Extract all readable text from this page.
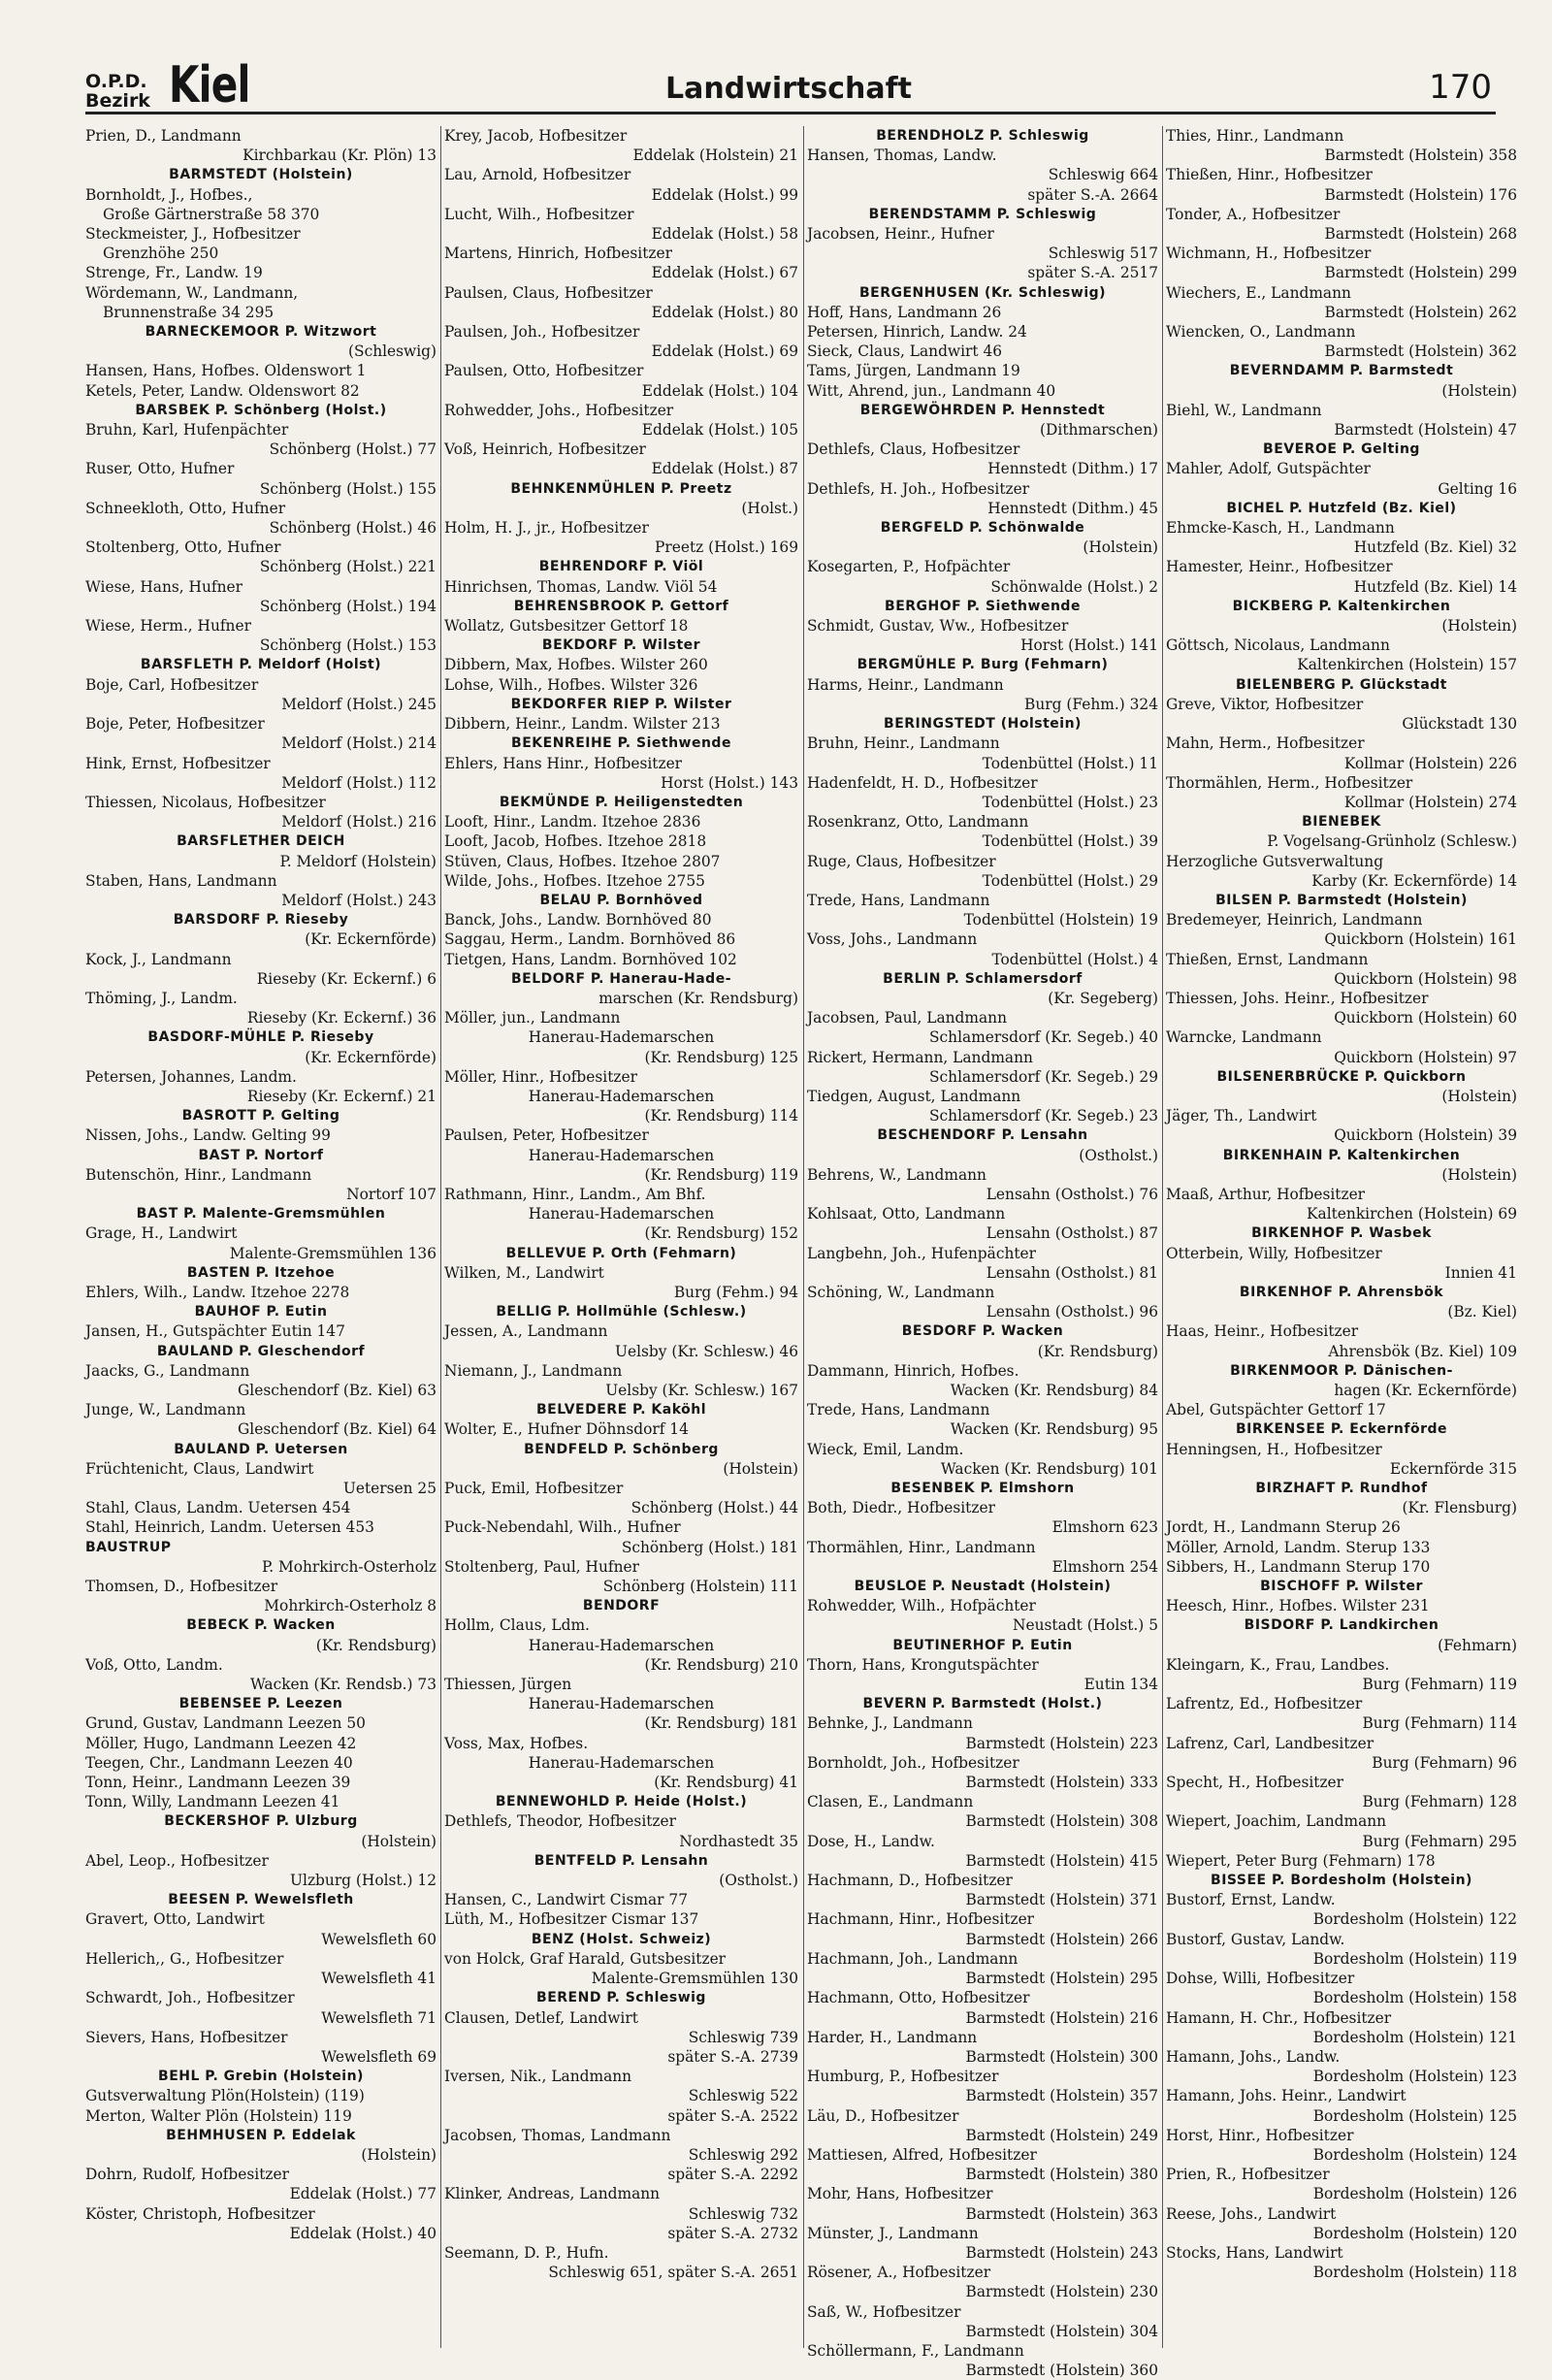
O.P.D.
Bezirk Kiel	Landwirtschaft	170
Prien, D., Landmann
Kirchbarkau (Kr. Plön) 13
BARMSTEDT (Holstein)
Bornholdt, J., Hofbes.,
Große Gärtnerstraße 58 370
Steckmeister, J., Hofbesitzer
Grenzhöhe 250
Strenge, Fr., Landw. 19
Wördemann, W., Landmann,
Brunnenstraße 34 295
BARNECKEMOOR P. Witzwort
(Schleswig)
Hansen, Hans, Hofbes. Oldenswort 1
Ketels, Peter, Landw. Oldenswort 82
BARSBEK P. Schönberg (Holst.)
Bruhn, Karl, Hufenpächter
Schönberg (Holst.) 77
Ruser, Otto, Hufner
Schönberg (Holst.) 155
Schneekloth, Otto, Hufner
Schönberg (Holst.) 46
Stoltenberg, Otto, Hufner
Schönberg (Holst.) 221
Wiese, Hans, Hufner
Schönberg (Holst.) 194
Wiese, Herm., Hufner
Schönberg (Holst.) 153
BARSFLETH P. Meldorf (Holst)
Boje, Carl, Hofbesitzer
Meldorf (Holst.) 245
Boje, Peter, Hofbesitzer
Meldorf (Holst.) 214
Hink, Ernst, Hofbesitzer
Meldorf (Holst.) 112
Thiessen, Nicolaus, Hofbesitzer
Meldorf (Holst.) 216
BARSFLETHER DEICH
P. Meldorf (Holstein)
Staben, Hans, Landmann
Meldorf (Holst.) 243
BARSDORF P. Rieseby
(Kr. Eckernförde)
Kock, J., Landmann
Rieseby (Kr. Eckernf.) 6
Thöming, J., Landm.
Rieseby (Kr. Eckernf.) 36
BASDORF-MÜHLE P. Rieseby
(Kr. Eckernförde)
Petersen, Johannes, Landm.
Rieseby (Kr. Eckernf.) 21
BASROTT P. Gelting
Nissen, Johs., Landw. Gelting 99
BAST P. Nortorf
Butenschön, Hinr., Landmann
Nortorf 107
BAST P. Malente-Gremsmühlen
Grage, H., Landwirt
Malente-Gremsmühlen 136
BASTEN P. Itzehoe
Ehlers, Wilh., Landw. Itzehoe 2278
BAUHOF P. Eutin
Jansen, H., Gutspächter Eutin 147
BAULAND P. Gleschendorf
Jaacks, G., Landmann
Gleschendorf (Bz. Kiel) 63
Junge, W., Landmann
Gleschendorf (Bz. Kiel) 64
BAULAND P. Uetersen
Früchtenicht, Claus, Landwirt
Uetersen 25
Stahl, Claus, Landm. Uetersen 454
Stahl, Heinrich, Landm. Uetersen 453
BAUSTRUP
P. Mohrkirch-Osterholz
Thomsen, D., Hofbesitzer
Mohrkirch-Osterholz 8
BEBECK P. Wacken
(Kr. Rendsburg)
Voß, Otto, Landm.
Wacken (Kr. Rendsb.) 73
BEBENSEE P. Leezen
Grund, Gustav, Landmann Leezen 50
Möller, Hugo, Landmann Leezen 42
Teegen, Chr., Landmann Leezen 40
Tonn, Heinr., Landmann Leezen 39
Tonn, Willy, Landmann Leezen 41
BECKERSHOF P. Ulzburg
(Holstein)
Abel, Leop., Hofbesitzer
Ulzburg (Holst.) 12
BEESEN P. Wewelsfleth
Gravert, Otto, Landwirt
Wewelsfleth 60
Hellerich,, G., Hofbesitzer
Wewelsfleth 41
Schwardt, Joh., Hofbesitzer
Wewelsfleth 71
Sievers, Hans, Hofbesitzer
Wewelsfleth 69
BEHL P. Grebin (Holstein)
Gutsverwaltung Plön(Holstein) (119)
Merton, Walter Plön (Holstein) 119
BEHMHUSEN P. Eddelak
(Holstein)
Dohrn, Rudolf, Hofbesitzer
Eddelak (Holst.) 77
Köster, Christoph, Hofbesitzer
Eddelak (Holst.) 40
Krey, Jacob, Hofbesitzer
Eddelak (Holstein) 21
Lau, Arnold, Hofbesitzer
Eddelak (Holst.) 99
Lucht, Wilh., Hofbesitzer
Eddelak (Holst.) 58
Martens, Hinrich, Hofbesitzer
Eddelak (Holst.) 67
Paulsen, Claus, Hofbesitzer
Eddelak (Holst.) 80
Paulsen, Joh., Hofbesitzer
Eddelak (Holst.) 69
Paulsen, Otto, Hofbesitzer
Eddelak (Holst.) 104
Rohwedder, Johs., Hofbesitzer
Eddelak (Holst.) 105
Voß, Heinrich, Hofbesitzer
Eddelak (Holst.) 87
BEHNKENMÜHLEN P. Preetz
(Holst.)
Holm, H. J., jr., Hofbesitzer
Preetz (Holst.) 169
BEHRENDORF P. Viöl
Hinrichsen, Thomas, Landw. Viöl 54
BEHRENSBROOK P. Gettorf
Wollatz, Gutsbesitzer Gettorf 18
BEKDORF P. Wilster
Dibbern, Max, Hofbes. Wilster 260
Lohse, Wilh., Hofbes. Wilster 326
BEKDORFER RIEP P. Wilster
Dibbern, Heinr., Landm. Wilster 213
BEKENREIHE P. Siethwende
Ehlers, Hans Hinr., Hofbesitzer
Horst (Holst.) 143
BEKMÜNDE P. Heiligenstedten
Looft, Hinr., Landm. Itzehoe 2836
Looft, Jacob, Hofbes. Itzehoe 2818
Stüven, Claus, Hofbes. Itzehoe 2807
Wilde, Johs., Hofbes. Itzehoe 2755
BELAU P. Bornhöved
Banck, Johs., Landw. Bornhöved 80
Saggau, Herm., Landm. Bornhöved 86
Tietgen, Hans, Landm. Bornhöved 102
BELDORF P. Hanerau-Hade-
marschen (Kr. Rendsburg)
Möller, jun., Landmann
Hanerau-Hademarschen
(Kr. Rendsburg) 125
Möller, Hinr., Hofbesitzer
Hanerau-Hademarschen
(Kr. Rendsburg) 114
Paulsen, Peter, Hofbesitzer
Hanerau-Hademarschen
(Kr. Rendsburg) 119
Rathmann, Hinr., Landm., Am Bhf.
Hanerau-Hademarschen
(Kr. Rendsburg) 152
BELLEVUE P. Orth (Fehmarn)
Wilken, M., Landwirt
Burg (Fehm.) 94
BELLIG P. Hollmühle (Schlesw.)
Jessen, A., Landmann
Uelsby (Kr. Schlesw.) 46
Niemann, J., Landmann
Uelsby (Kr. Schlesw.) 167
BELVEDERE P. Kaköhl
Wolter, E., Hufner Döhnsdorf 14
BENDFELD P. Schönberg
(Holstein)
Puck, Emil, Hofbesitzer
Schönberg (Holst.) 44
Puck-Nebendahl, Wilh., Hufner
Schönberg (Holst.) 181
Stoltenberg, Paul, Hufner
Schönberg (Holstein) 111
BENDORF
Hollm, Claus, Ldm.
Hanerau-Hademarschen
(Kr. Rendsburg) 210
Thiessen, Jürgen
Hanerau-Hademarschen
(Kr. Rendsburg) 181
Voss, Max, Hofbes.
Hanerau-Hademarschen
(Kr. Rendsburg) 41
BENNEWOHLD P. Heide (Holst.)
Dethlefs, Theodor, Hofbesitzer
Nordhastedt 35
BENTFELD P. Lensahn
(Ostholst.)
Hansen, C., Landwirt Cismar 77
Lüth, M., Hofbesitzer Cismar 137
BENZ (Holst. Schweiz)
von Holck, Graf Harald, Gutsbesitzer
Malente-Gremsmühlen 130
BEREND P. Schleswig
Clausen, Detlef, Landwirt
Schleswig 739
später S.-A. 2739
Iversen, Nik., Landmann
Schleswig 522
später S.-A. 2522
Jacobsen, Thomas, Landmann
Schleswig 292
später S.-A. 2292
Klinker, Andreas, Landmann
Schleswig 732
später S.-A. 2732
Seemann, D. P., Hufn.
Schleswig 651, später S.-A. 2651
BERENDHOLZ P. Schleswig
Hansen, Thomas, Landw.
Schleswig 664
später S.-A. 2664
BERENDSTAMM P. Schleswig
Jacobsen, Heinr., Hufner
Schleswig 517
später S.-A. 2517
BERGENHUSEN (Kr. Schleswig)
Hoff, Hans, Landmann 26
Petersen, Hinrich, Landw. 24
Sieck, Claus, Landwirt 46
Tams, Jürgen, Landmann 19
Witt, Ahrend, jun., Landmann 40
BERGEWÖHRDEN P. Hennstedt
(Dithmarschen)
Dethlefs, Claus, Hofbesitzer
Hennstedt (Dithm.) 17
Dethlefs, H. Joh., Hofbesitzer
Hennstedt (Dithm.) 45
BERGFELD P. Schönwalde
(Holstein)
Kosegarten, P., Hofpächter
Schönwalde (Holst.) 2
BERGHOF P. Siethwende
Schmidt, Gustav, Ww., Hofbesitzer
Horst (Holst.) 141
BERGMÜHLE P. Burg (Fehmarn)
Harms, Heinr., Landmann
Burg (Fehm.) 324
BERINGSTEDT (Holstein)
Bruhn, Heinr., Landmann
Todenbüttel (Holst.) 11
Hadenfeldt, H. D., Hofbesitzer
Todenbüttel (Holst.) 23
Rosenkranz, Otto, Landmann
Todenbüttel (Holst.) 39
Ruge, Claus, Hofbesitzer
Todenbüttel (Holst.) 29
Trede, Hans, Landmann
Todenbüttel (Holstein) 19
Voss, Johs., Landmann
Todenbüttel (Holst.) 4
BERLIN P. Schlamersdorf
(Kr. Segeberg)
Jacobsen, Paul, Landmann
Schlamersdorf (Kr. Segeb.) 40
Rickert, Hermann, Landmann
Schlamersdorf (Kr. Segeb.) 29
Tiedgen, August, Landmann
Schlamersdorf (Kr. Segeb.) 23
BESCHENDORF P. Lensahn
(Ostholst.)
Behrens, W., Landmann
Lensahn (Ostholst.) 76
Kohlsaat, Otto, Landmann
Lensahn (Ostholst.) 87
Langbehn, Joh., Hufenpächter
Lensahn (Ostholst.) 81
Schöning, W., Landmann
Lensahn (Ostholst.) 96
BESDORF P. Wacken
(Kr. Rendsburg)
Dammann, Hinrich, Hofbes.
Wacken (Kr. Rendsburg) 84
Trede, Hans, Landmann
Wacken (Kr. Rendsburg) 95
Wieck, Emil, Landm.
Wacken (Kr. Rendsburg) 101
BESENBEK P. Elmshorn
Both, Diedr., Hofbesitzer
Elmshorn 623
Thormählen, Hinr., Landmann
Elmshorn 254
BEUSLOE P. Neustadt (Holstein)
Rohwedder, Wilh., Hofpächter
Neustadt (Holst.) 5
BEUTINERHOF P. Eutin
Thorn, Hans, Krongutspächter
Eutin 134
BEVERN P. Barmstedt (Holst.)
Behnke, J., Landmann
Barmstedt (Holstein) 223
Bornholdt, Joh., Hofbesitzer
Barmstedt (Holstein) 333
Clasen, E., Landmann
Barmstedt (Holstein) 308
Dose, H., Landw.
Barmstedt (Holstein) 415
Hachmann, D., Hofbesitzer
Barmstedt (Holstein) 371
Hachmann, Hinr., Hofbesitzer
Barmstedt (Holstein) 266
Hachmann, Joh., Landmann
Barmstedt (Holstein) 295
Hachmann, Otto, Hofbesitzer
Barmstedt (Holstein) 216
Harder, H., Landmann
Barmstedt (Holstein) 300
Humburg, P., Hofbesitzer
Barmstedt (Holstein) 357
Läu, D., Hofbesitzer
Barmstedt (Holstein) 249
Mattiesen, Alfred, Hofbesitzer
Barmstedt (Holstein) 380
Mohr, Hans, Hofbesitzer
Barmstedt (Holstein) 363
Münster, J., Landmann
Barmstedt (Holstein) 243
Rösener, A., Hofbesitzer
Barmstedt (Holstein) 230
Saß, W., Hofbesitzer
Barmstedt (Holstein) 304
Schöllermann, F., Landmann
Barmstedt (Holstein) 360
Thies, Hinr., Landmann
Barmstedt (Holstein) 358
Thießen, Hinr., Hofbesitzer
Barmstedt (Holstein) 176
Tonder, A., Hofbesitzer
Barmstedt (Holstein) 268
Wichmann, H., Hofbesitzer
Barmstedt (Holstein) 299
Wiechers, E., Landmann
Barmstedt (Holstein) 262
Wiencken, O., Landmann
Barmstedt (Holstein) 362
BEVERNDAMM P. Barmstedt
(Holstein)
Biehl, W., Landmann
Barmstedt (Holstein) 47
BEVEROE P. Gelting
Mahler, Adolf, Gutspächter
Gelting 16
BICHEL P. Hutzfeld (Bz. Kiel)
Ehmcke-Kasch, H., Landmann
Hutzfeld (Bz. Kiel) 32
Hamester, Heinr., Hofbesitzer
Hutzfeld (Bz. Kiel) 14
BICKBERG P. Kaltenkirchen
(Holstein)
Göttsch, Nicolaus, Landmann
Kaltenkirchen (Holstein) 157
BIELENBERG P. Glückstadt
Greve, Viktor, Hofbesitzer
Glückstadt 130
Mahn, Herm., Hofbesitzer
Kollmar (Holstein) 226
Thormählen, Herm., Hofbesitzer
Kollmar (Holstein) 274
BIENEBEK
P. Vogelsang-Grünholz (Schlesw.)
Herzogliche Gutsverwaltung
Karby (Kr. Eckernförde) 14
BILSEN P. Barmstedt (Holstein)
Bredemeyer, Heinrich, Landmann
Quickborn (Holstein) 161
Thießen, Ernst, Landmann
Quickborn (Holstein) 98
Thiessen, Johs. Heinr., Hofbesitzer
Quickborn (Holstein) 60
Warncke, Landmann
Quickborn (Holstein) 97
BILSENERBRÜCKE P. Quickborn
(Holstein)
Jäger, Th., Landwirt
Quickborn (Holstein) 39
BIRKENHAIN P. Kaltenkirchen
(Holstein)
Maaß, Arthur, Hofbesitzer
Kaltenkirchen (Holstein) 69
BIRKENHOF P. Wasbek
Otterbein, Willy, Hofbesitzer
Innien 41
BIRKENHOF P. Ahrensbök
(Bz. Kiel)
Haas, Heinr., Hofbesitzer
Ahrensbök (Bz. Kiel) 109
BIRKENMOOR P. Dänischen-
hagen (Kr. Eckernförde)
Abel, Gutspächter Gettorf 17
BIRKENSEE P. Eckernförde
Henningsen, H., Hofbesitzer
Eckernförde 315
BIRZHAFT P. Rundhof
(Kr. Flensburg)
Jordt, H., Landmann Sterup 26
Möller, Arnold, Landm. Sterup 133
Sibbers, H., Landmann Sterup 170
BISCHOFF P. Wilster
Heesch, Hinr., Hofbes. Wilster 231
BISDORF P. Landkirchen
(Fehmarn)
Kleingarn, K., Frau, Landbes.
Burg (Fehmarn) 119
Lafrentz, Ed., Hofbesitzer
Burg (Fehmarn) 114
Lafrenz, Carl, Landbesitzer
Burg (Fehmarn) 96
Specht, H., Hofbesitzer
Burg (Fehmarn) 128
Wiepert, Joachim, Landmann
Burg (Fehmarn) 295
Wiepert, Peter Burg (Fehmarn) 178
BISSEE P. Bordesholm (Holstein)
Bustorf, Ernst, Landw.
Bordesholm (Holstein) 122
Bustorf, Gustav, Landw.
Bordesholm (Holstein) 119
Dohse, Willi, Hofbesitzer
Bordesholm (Holstein) 158
Hamann, H. Chr., Hofbesitzer
Bordesholm (Holstein) 121
Hamann, Johs., Landw.
Bordesholm (Holstein) 123
Hamann, Johs. Heinr., Landwirt
Bordesholm (Holstein) 125
Horst, Hinr., Hofbesitzer
Bordesholm (Holstein) 124
Prien, R., Hofbesitzer
Bordesholm (Holstein) 126
Reese, Johs., Landwirt
Bordesholm (Holstein) 120
Stocks, Hans, Landwirt
Bordesholm (Holstein) 118
